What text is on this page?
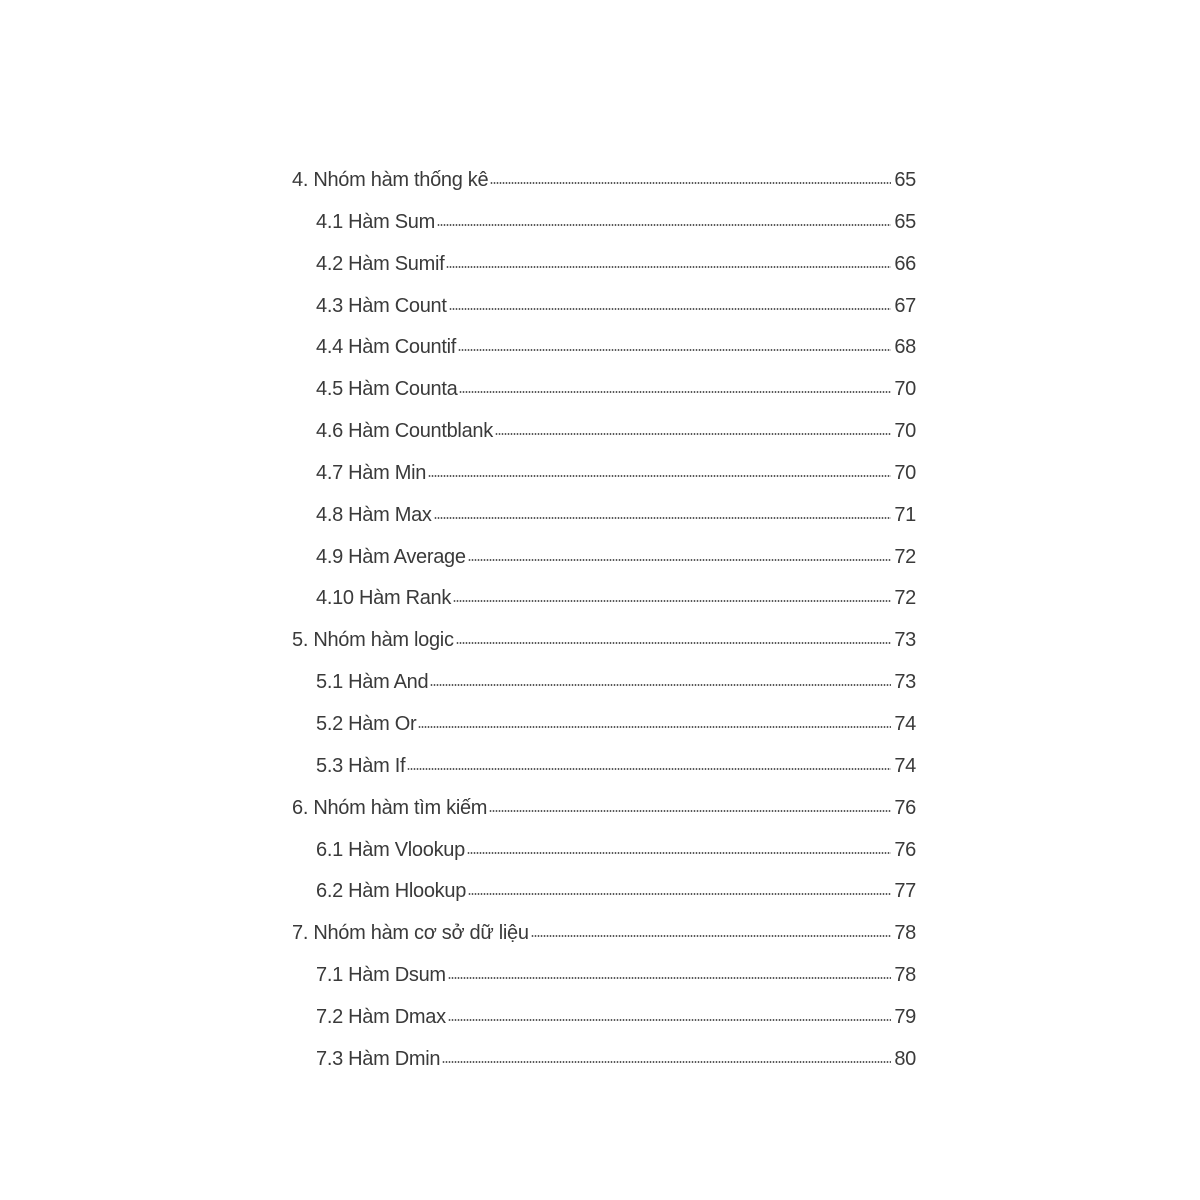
4. Nhóm hàm thống kê	65
4.1 Hàm Sum	65
4.2 Hàm Sumif	66
4.3 Hàm Count	67
4.4 Hàm Countif	68
4.5 Hàm Counta	70
4.6 Hàm Countblank	70
4.7 Hàm Min	70
4.8 Hàm Max	71
4.9 Hàm Average	72
4.10 Hàm Rank	72
5. Nhóm hàm logic	73
5.1 Hàm And	73
5.2 Hàm Or	74
5.3 Hàm If	74
6. Nhóm hàm tìm kiếm	76
6.1 Hàm Vlookup	76
6.2 Hàm Hlookup	77
7. Nhóm hàm cơ sở dữ liệu	78
7.1 Hàm Dsum	78
7.2 Hàm Dmax	79
7.3 Hàm Dmin	80
